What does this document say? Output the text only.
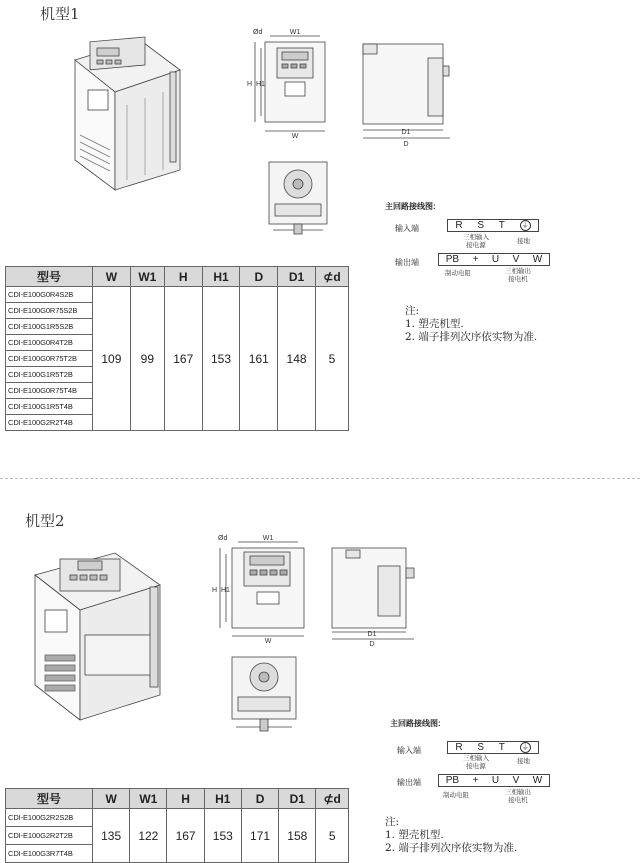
机型1
W1
W
H H1
Ød
D1
D
主回路接线图:
输入端	R S T ⏚
三相输入
接电源
接地
输出端	PB + U V W
制动电阻	三相输出
接电机
型号	W	W1	H	H1	D	D1	⊄d
CDI-E100G0R4S2B	109	99	167	153	161	148	5
CDI-E100G0R75S2B							
CDI-E100G1R5S2B							
CDI-E100G0R4T2B							
CDI-E100G0R75T2B							
CDI-E100G1R5T2B							
CDI-E100G0R75T4B							
CDI-E100G1R5T4B							
CDI-E100G2R2T4B							
注:
1. 塑壳机型.
2. 端子排列次序依实物为准.
机型2
W1
W
H H1
Ød
D1
D
主回路接线图:
输入端	R S T ⏚
三相输入
接电源
接地
输出端 PB + U V W
制动电阻	三相输出
接电机
型号	W	W1	H	H1	D	D1	⊄d
CDI-E100G2R2S2B	135	122	167	153	171	158	5
CDI-E100G2R2T2B							
CDI-E100G3R7T4B							
注:
1. 塑壳机型.
2. 端子排列次序依实物为准.
